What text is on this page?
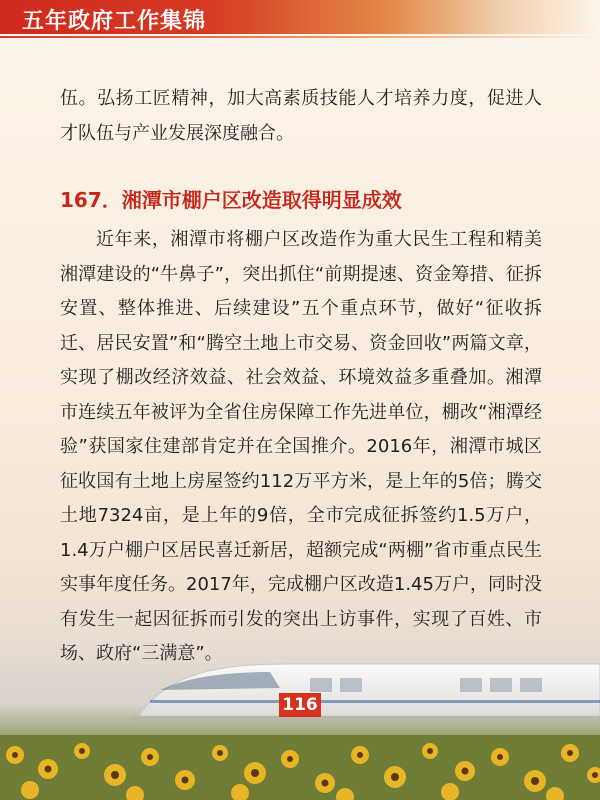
五年政府工作集锦

伍。弘扬工匠精神，加大高素质技能人才培养力度，促进人才队伍与产业发展深度融合。

167．湘潭市棚户区改造取得明显成效

近年来，湘潭市将棚户区改造作为重大民生工程和精美湘潭建设的“牛鼻子”，突出抓住“前期提速、资金筹措、征拆安置、整体推进、后续建设”五个重点环节，做好“征收拆迁、居民安置”和“腾空土地上市交易、资金回收”两篇文章，实现了棚改经济效益、社会效益、环境效益多重叠加。湘潭市连续五年被评为全省住房保障工作先进单位，棚改“湘潭经验”获国家住建部肯定并在全国推介。2016年，湘潭市城区征收国有土地上房屋签约112万平方米，是上年的5倍；腾交土地7324亩，是上年的9倍，全市完成征拆签约1.5万户，1.4万户棚户区居民喜迁新居，超额完成“两棚”省市重点民生实事年度任务。2017年，完成棚户区改造1.45万户，同时没有发生一起因征拆而引发的突出上访事件，实现了百姓、市场、政府“三满意”。

116
